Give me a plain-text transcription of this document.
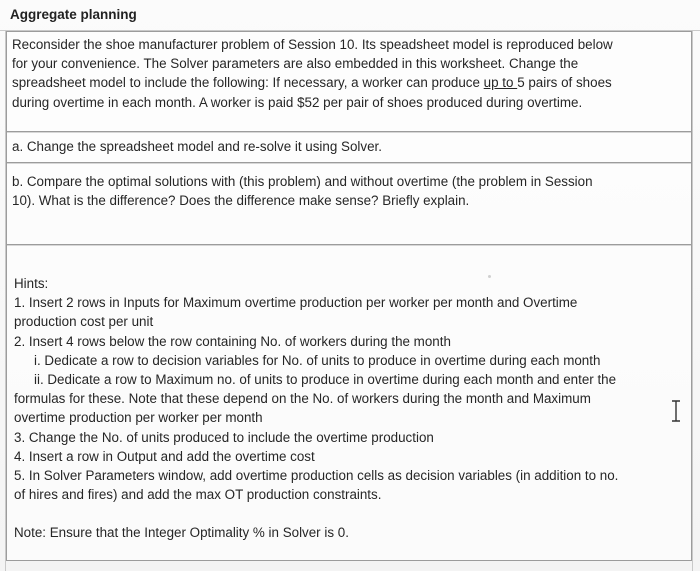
Aggregate planning

Reconsider the shoe manufacturer problem of Session 10. Its speadsheet model is reproduced below
for your convenience. The Solver parameters are also embedded in this worksheet. Change the
spreadsheet model to include the following: If necessary, a worker can produce up to 5 pairs of shoes
during overtime in each month. A worker is paid $52 per pair of shoes produced during overtime.

a. Change the spreadsheet model and re-solve it using Solver.

b. Compare the optimal solutions with (this problem) and without overtime (the problem in Session
10). What is the difference? Does the difference make sense? Briefly explain.

Hints:
1. Insert 2 rows in Inputs for Maximum overtime production per worker per month and Overtime
production cost per unit
2. Insert 4 rows below the row containing No. of workers during the month
i. Dedicate a row to decision variables for No. of units to produce in overtime during each month
ii. Dedicate a row to Maximum no. of units to produce in overtime during each month and enter the
formulas for these. Note that these depend on the No. of workers during the month and Maximum
overtime production per worker per month
3. Change the No. of units produced to include the overtime production
4. Insert a row in Output and add the overtime cost
5. In Solver Parameters window, add overtime production cells as decision variables (in addition to no.
of hires and fires) and add the max OT production constraints.
Note: Ensure that the Integer Optimality % in Solver is 0.
